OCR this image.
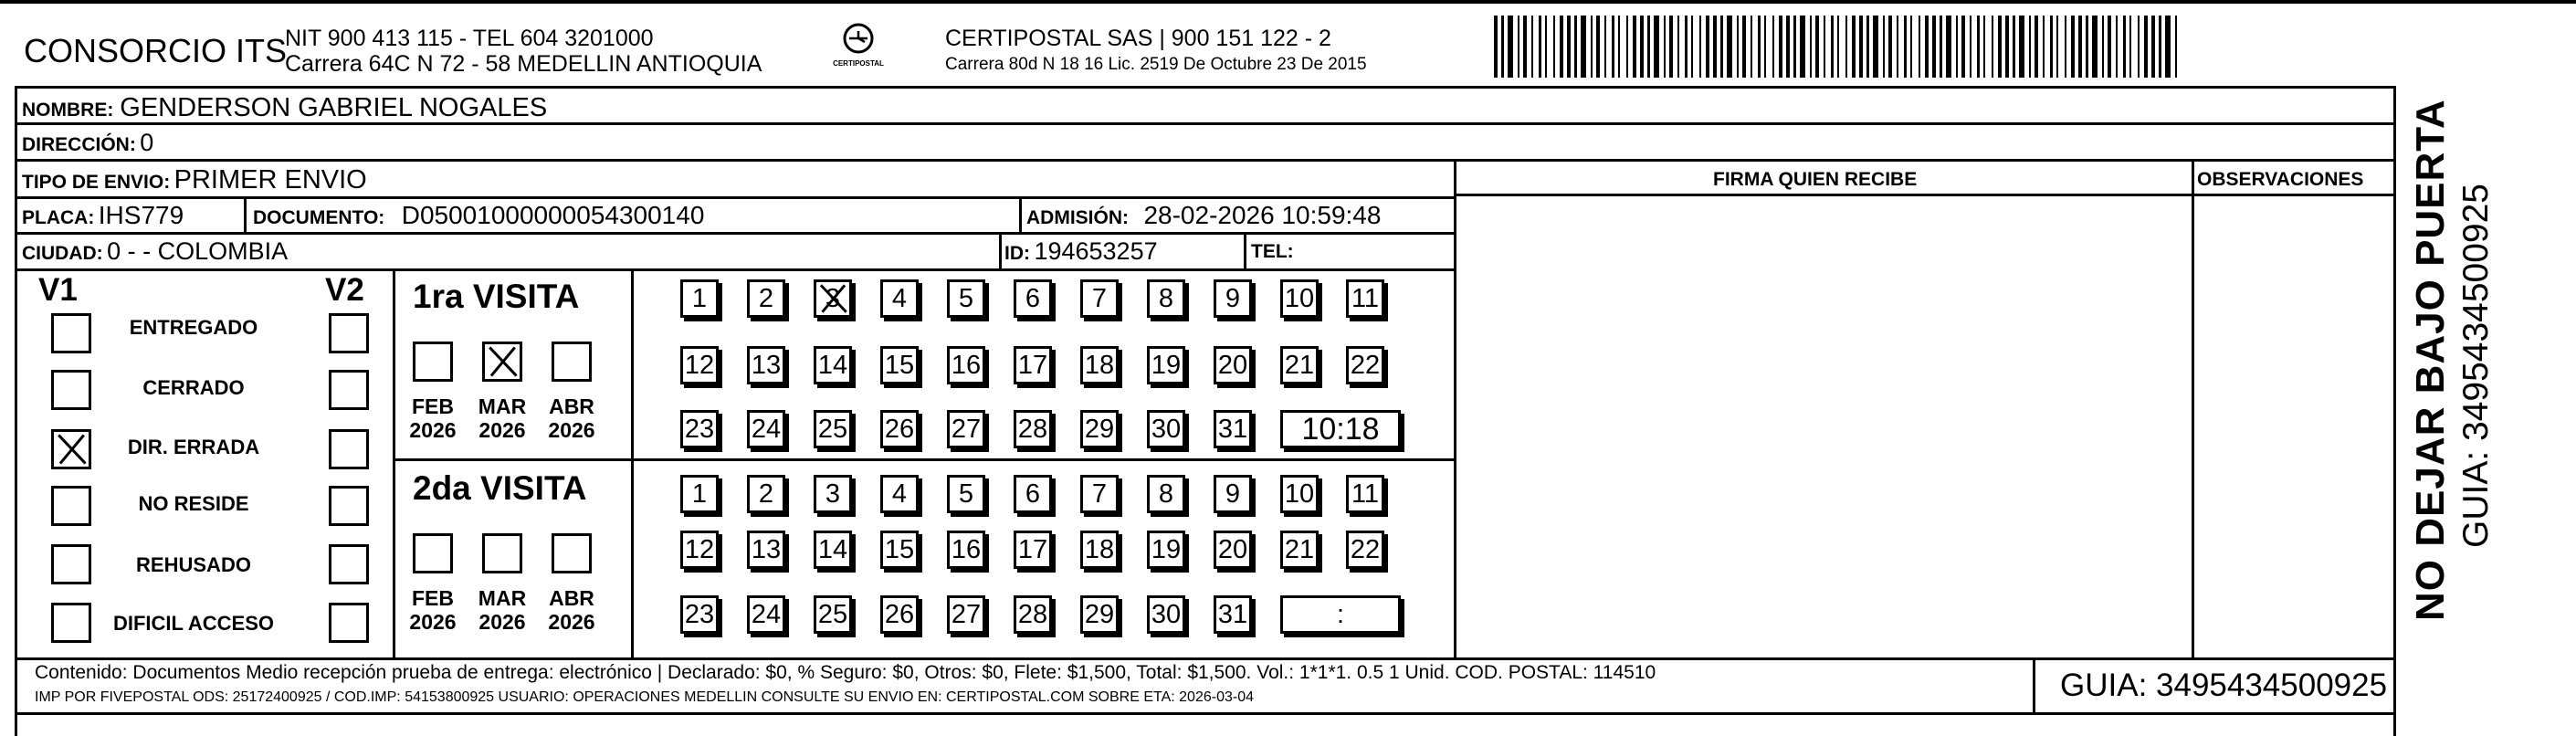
CONSORCIO ITS
NIT 900 413 115 - TEL 604 3201000
Carrera 64C N 72 - 58 MEDELLIN ANTIOQUIA	CERTIPOSTAL
CERTIPOSTAL SAS | 900 151 122 - 2
Carrera 80d N 18 16 Lic. 2519 De Octubre 23 De 2015
NOMBRE: GENDERSON GABRIEL NOGALES
DIRECCIÓN: 0
TIPO DE ENVIO: PRIMER ENVIO	FIRMA QUIEN RECIBE	OBSERVACIONES
PLACA: IHS779	DOCUMENTO: D05001000000054300140	ADMISIÓN: 28-02-2026 10:59:48
CIUDAD: 0 - - COLOMBIA	ID: 194653257	TEL:
V1	V2
ENTREGADO
CERRADO
DIR. ERRADA
NO RESIDE
REHUSADO
DIFICIL ACCESO
1ra VISITA
FEB
2026
MAR
2026
ABR
2026
1	2	3	4	5	6	7	8	9	10 11
12 13 14 15 16 17 18 19 20 21 22
23 24 25 26 27 28 29 30 31	10:18
2da VISITA
FEB
2026
MAR
2026
ABR
2026
1	2	3	4	5	6	7	8	9	10 11
12 13 14 15 16 17 18 19 20 21 22
23 24 25 26 27 28 29 30 31	:
Contenido: Documentos Medio recepción prueba de entrega: electrónico | Declarado: $0, % Seguro: $0, Otros: $0, Flete: $1,500, Total: $1,500. Vol.: 1*1*1. 0.5 1 Unid. COD. POSTAL: 114510
IMP POR FIVEPOSTAL ODS: 25172400925 / COD.IMP: 54153800925 USUARIO: OPERACIONES MEDELLIN CONSULTE SU ENVIO EN: CERTIPOSTAL.COM SOBRE ETA: 2026-03-04	GUIA: 3495434500925
NO DEJAR BAJO PUERTA GUIA: 3495434500925
